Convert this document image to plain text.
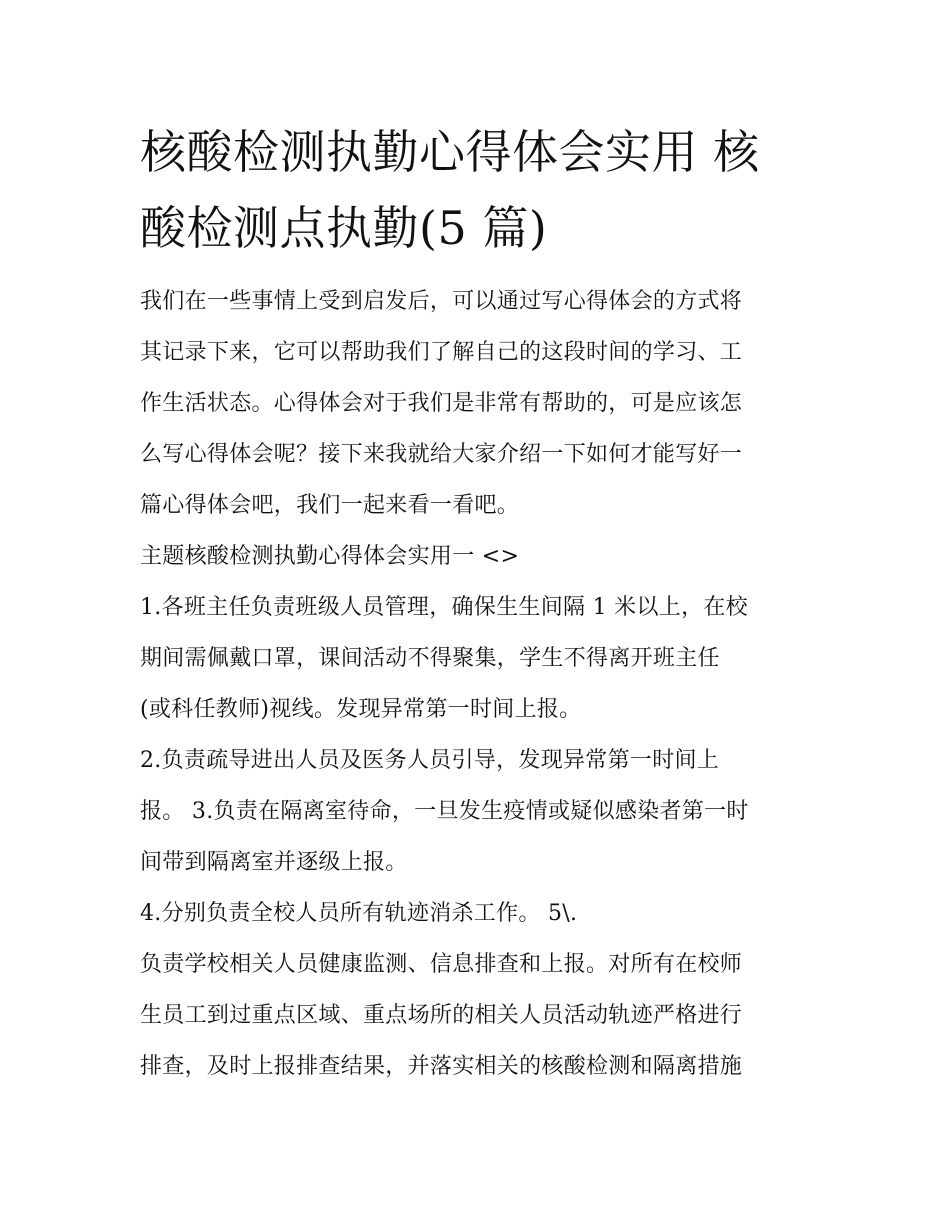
核酸检测执勤心得体会实用 核
酸检测点执勤(5 篇)
我们在一些事情上受到启发后，可以通过写心得体会的方式将
其记录下来，它可以帮助我们了解自己的这段时间的学习、工
作生活状态。心得体会对于我们是非常有帮助的，可是应该怎
么写心得体会呢？接下来我就给大家介绍一下如何才能写好一
篇心得体会吧，我们一起来看一看吧。
主题核酸检测执勤心得体会实用一 <>
1.各班主任负责班级人员管理，确保生生间隔 1 米以上，在校
期间需佩戴口罩，课间活动不得聚集，学生不得离开班主任
(或科任教师)视线。发现异常第一时间上报。
2.负责疏导进出人员及医务人员引导，发现异常第一时间上
报。 3.负责在隔离室待命，一旦发生疫情或疑似感染者第一时
间带到隔离室并逐级上报。
4.分别负责全校人员所有轨迹消杀工作。 5\.
负责学校相关人员健康监测、信息排查和上报。对所有在校师
生员工到过重点区域、重点场所的相关人员活动轨迹严格进行
排查，及时上报排查结果，并落实相关的核酸检测和隔离措施
